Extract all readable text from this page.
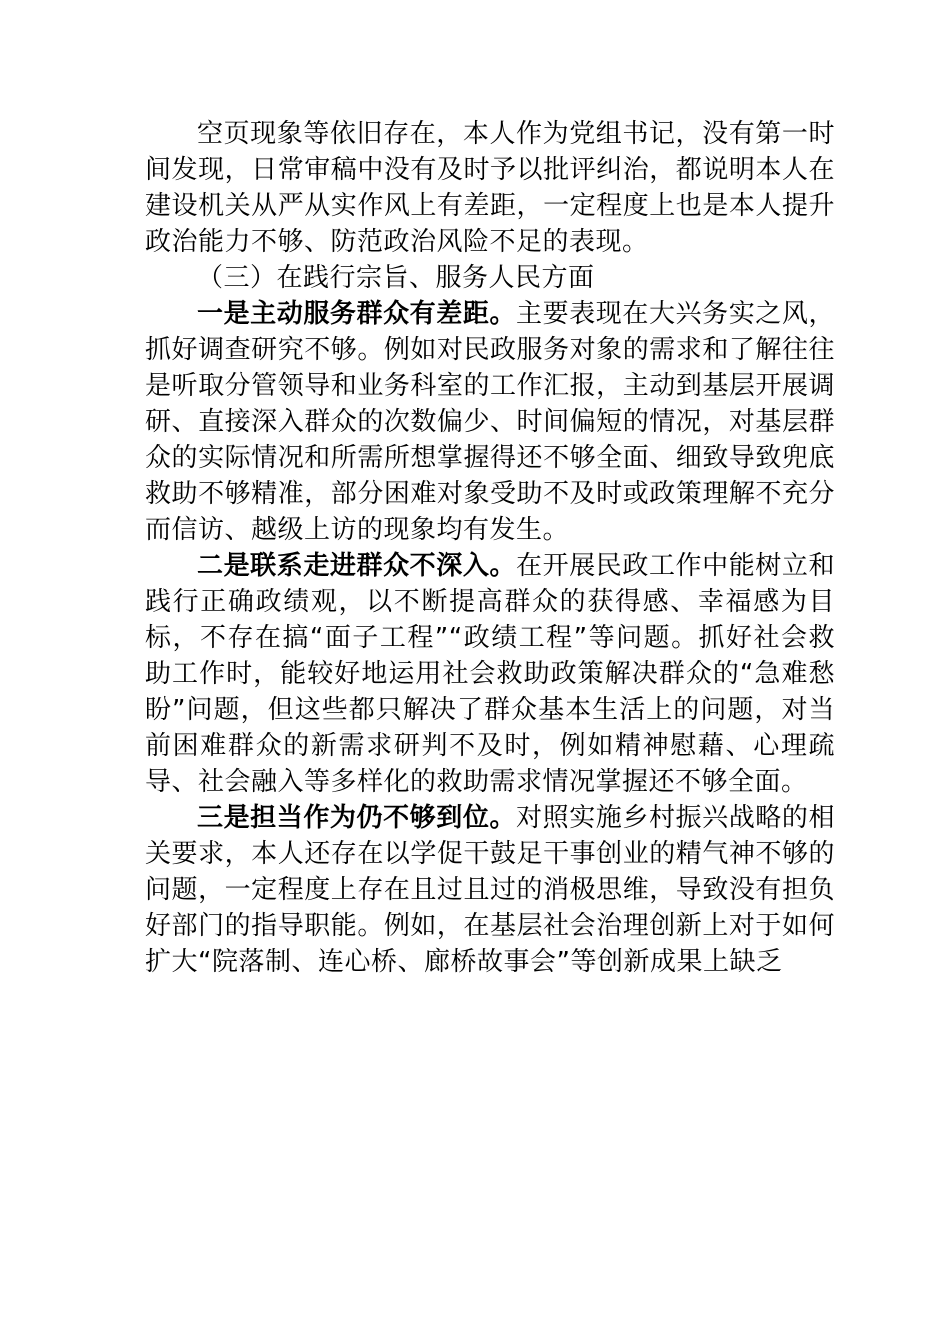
空页现象等依旧存在，本人作为党组书记，没有第一时间发现，日常审稿中没有及时予以批评纠治，都说明本人在建设机关从严从实作风上有差距，一定程度上也是本人提升政治能力不够、防范政治风险不足的表现。

（三）在践行宗旨、服务人民方面

一是主动服务群众有差距。主要表现在大兴务实之风，抓好调查研究不够。例如对民政服务对象的需求和了解往往是听取分管领导和业务科室的工作汇报，主动到基层开展调研、直接深入群众的次数偏少、时间偏短的情况，对基层群众的实际情况和所需所想掌握得还不够全面、细致导致兜底救助不够精准，部分困难对象受助不及时或政策理解不充分而信访、越级上访的现象均有发生。

二是联系走进群众不深入。在开展民政工作中能树立和践行正确政绩观，以不断提高群众的获得感、幸福感为目标，不存在搞“面子工程”“政绩工程”等问题。抓好社会救助工作时，能较好地运用社会救助政策解决群众的“急难愁盼”问题，但这些都只解决了群众基本生活上的问题，对当前困难群众的新需求研判不及时，例如精神慰藉、心理疏导、社会融入等多样化的救助需求情况掌握还不够全面。

三是担当作为仍不够到位。对照实施乡村振兴战略的相关要求，本人还存在以学促干鼓足干事创业的精气神不够的问题，一定程度上存在且过且过的消极思维，导致没有担负好部门的指导职能。例如，在基层社会治理创新上对于如何扩大“院落制、连心桥、廊桥故事会”等创新成果上缺乏
